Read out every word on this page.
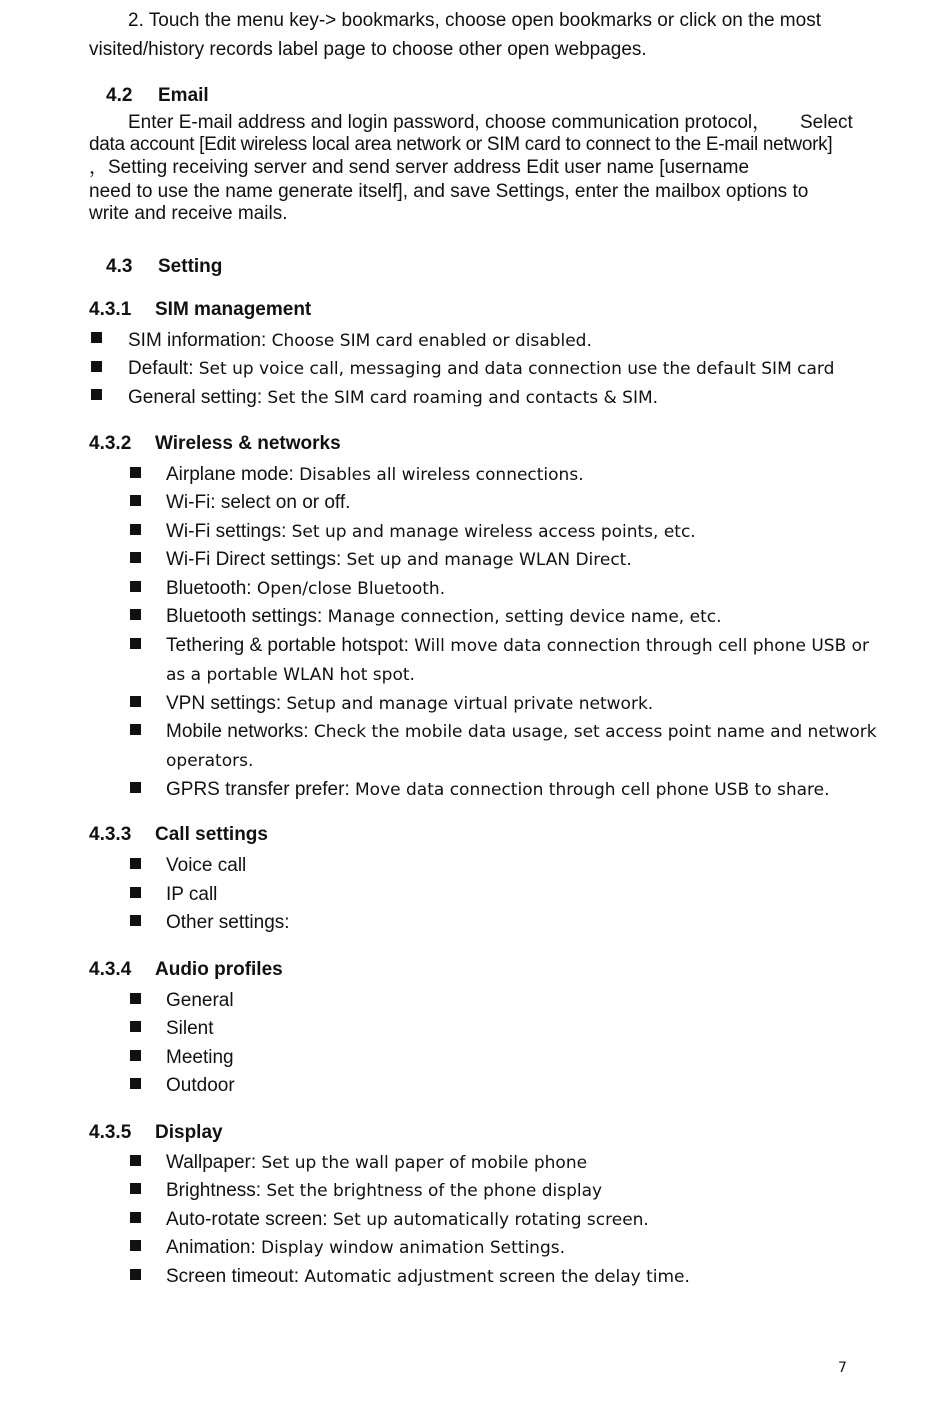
2. Touch the menu key-> bookmarks, choose open bookmarks or click on the most
visited/history records label page to choose other open webpages.
4.2 Email
Enter E-mail address and login password, choose communication protocol， Select
data account [Edit wireless local area network or SIM card to connect to the E-mail network]
，Setting receiving server and send server address Edit user name [username
need to use the name generate itself], and save Settings, enter the mailbox options to
write and receive mails.
4.3 Setting
4.3.1 SIM management
SIM information: Choose SIM card enabled or disabled.
Default: Set up voice call, messaging and data connection use the default SIM card
General setting: Set the SIM card roaming and contacts & SIM.
4.3.2 Wireless & networks
Airplane mode: Disables all wireless connections.
Wi-Fi: select on or off.
Wi-Fi settings: Set up and manage wireless access points, etc.
Wi-Fi Direct settings: Set up and manage WLAN Direct.
Bluetooth: Open/close Bluetooth.
Bluetooth settings: Manage connection, setting device name, etc.
Tethering & portable hotspot: Will move data connection through cell phone USB or
as a portable WLAN hot spot.
VPN settings: Setup and manage virtual private network.
Mobile networks: Check the mobile data usage, set access point name and network
operators.
GPRS transfer prefer: Move data connection through cell phone USB to share.
4.3.3 Call settings
Voice call
IP call
Other settings:
4.3.4 Audio profiles
General
Silent
Meeting
Outdoor
4.3.5 Display
Wallpaper: Set up the wall paper of mobile phone
Brightness: Set the brightness of the phone display
Auto-rotate screen: Set up automatically rotating screen.
Animation: Display window animation Settings.
Screen timeout: Automatic adjustment screen the delay time.
7
